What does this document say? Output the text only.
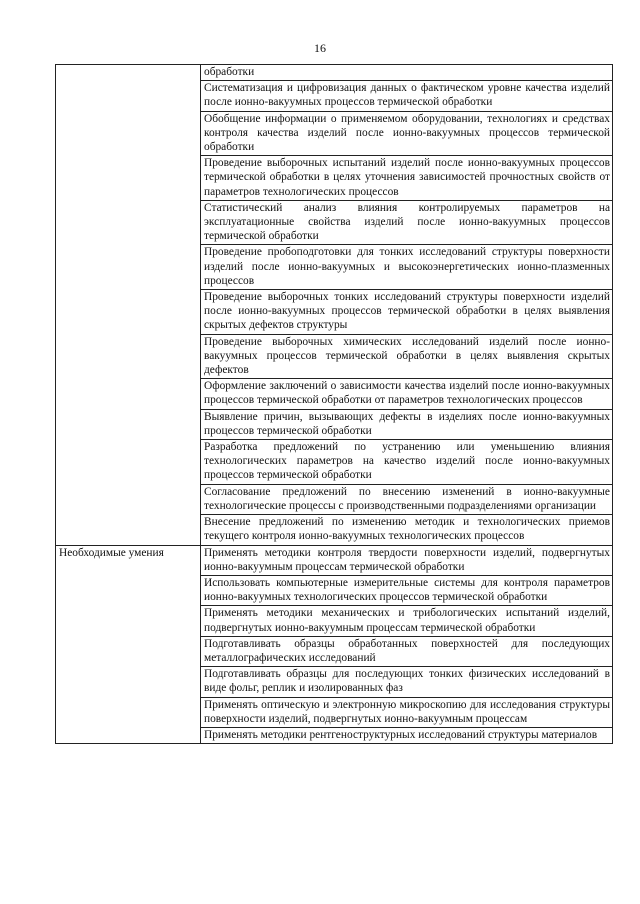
16
	обработки
	Систематизация и цифровизация данных о фактическом уровне качества изделий после ионно-вакуумных процессов термической обработки
	Обобщение информации о применяемом оборудовании, технологиях и средствах контроля качества изделий после ионно-вакуумных процессов термической обработки
	Проведение выборочных испытаний изделий после ионно-вакуумных процессов термической обработки в целях уточнения зависимостей прочностных свойств от параметров технологических процессов
	Статистический анализ влияния контролируемых параметров на эксплуатационные свойства изделий после ионно-вакуумных процессов термической обработки
	Проведение пробоподготовки для тонких исследований структуры поверхности изделий после ионно-вакуумных и высокоэнергетических ионно-плазменных процессов
	Проведение выборочных тонких исследований структуры поверхности изделий после ионно-вакуумных процессов термической обработки в целях выявления скрытых дефектов структуры
	Проведение выборочных химических исследований изделий после ионно-вакуумных процессов термической обработки в целях выявления скрытых дефектов
	Оформление заключений о зависимости качества изделий после ионно-вакуумных процессов термической обработки от параметров технологических процессов
	Выявление причин, вызывающих дефекты в изделиях после ионно-вакуумных процессов термической обработки
	Разработка предложений по устранению или уменьшению влияния технологических параметров на качество изделий после ионно-вакуумных процессов термической обработки
	Согласование предложений по внесению изменений в ионно-вакуумные технологические процессы с производственными подразделениями организации
	Внесение предложений по изменению методик и технологических приемов текущего контроля ионно-вакуумных технологических процессов
Необходимые умения	Применять методики контроля твердости поверхности изделий, подвергнутых ионно-вакуумным процессам термической обработки
	Использовать компьютерные измерительные системы для контроля параметров ионно-вакуумных технологических процессов термической обработки
	Применять методики механических и трибологических испытаний изделий, подвергнутых ионно-вакуумным процессам термической обработки
	Подготавливать образцы обработанных поверхностей для последующих металлографических исследований
	Подготавливать образцы для последующих тонких физических исследований в виде фольг, реплик и изолированных фаз
	Применять оптическую и электронную микроскопию для исследования структуры поверхности изделий, подвергнутых ионно-вакуумным процессам
	Применять методики рентгеноструктурных исследований структуры материалов
